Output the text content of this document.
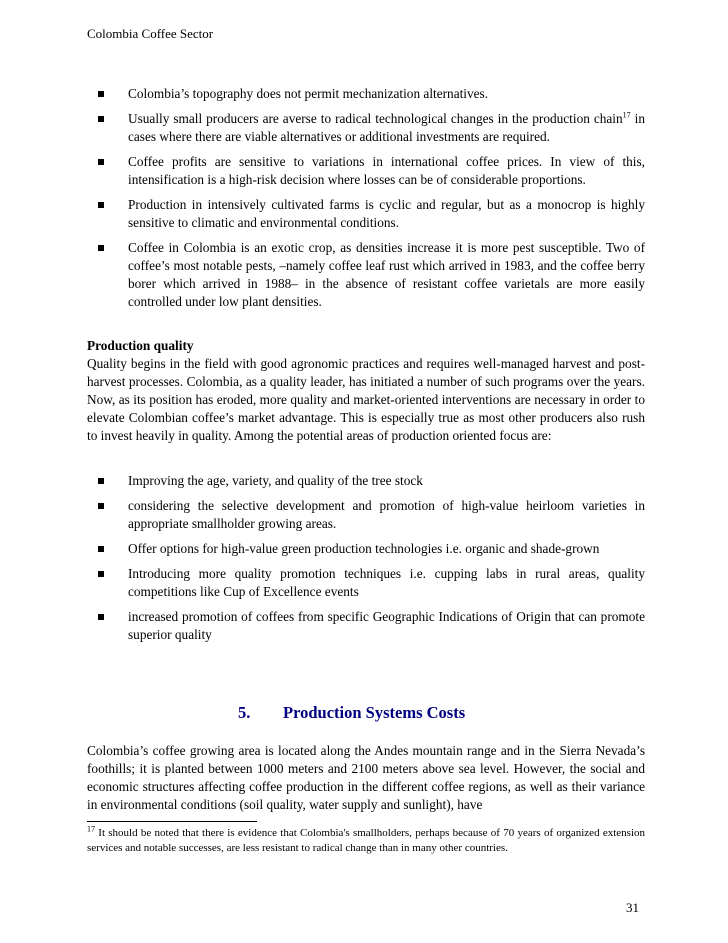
Colombia Coffee Sector
Colombia’s topography does not permit mechanization alternatives.
Usually small producers are averse to radical technological changes in the production chain$^{17}$ in cases where there are viable alternatives or additional investments are required.
Coffee profits are sensitive to variations in international coffee prices. In view of this, intensification is a high-risk decision where losses can be of considerable proportions.
Production in intensively cultivated farms is cyclic and regular, but as a monocrop is highly sensitive to climatic and environmental conditions.
Coffee in Colombia is an exotic crop, as densities increase it is more pest susceptible. Two of coffee’s most notable pests, –namely coffee leaf rust which arrived in 1983, and the coffee berry borer which arrived in 1988– in the absence of resistant coffee varietals are more easily controlled under low plant densities.
Production quality

Quality begins in the field with good agronomic practices and requires well-managed harvest and post-harvest processes. Colombia, as a quality leader, has initiated a number of such programs over the years. Now, as its position has eroded, more quality and market-oriented interventions are necessary in order to elevate Colombian coffee’s market advantage. This is especially true as most other producers also rush to invest heavily in quality. Among the potential areas of production oriented focus are:

Improving the age, variety, and quality of the tree stock
considering the selective development and promotion of high-value heirloom varieties in appropriate smallholder growing areas.
Offer options for high-value green production technologies i.e. organic and shade-grown
Introducing more quality promotion techniques i.e. cupping labs in rural areas, quality competitions like Cup of Excellence events
increased promotion of coffees from specific Geographic Indications of Origin that can promote superior quality
5. Production Systems Costs

Colombia’s coffee growing area is located along the Andes mountain range and in the Sierra Nevada’s foothills; it is planted between 1000 meters and 2100 meters above sea level. However, the social and economic structures affecting coffee production in the different coffee regions, as well as their variance in environmental conditions (soil quality, water supply and sunlight), have

$^{17}$ It should be noted that there is evidence that Colombia's smallholders, perhaps because of 70 years of organized extension services and notable successes, are less resistant to radical change than in many other countries.

31
